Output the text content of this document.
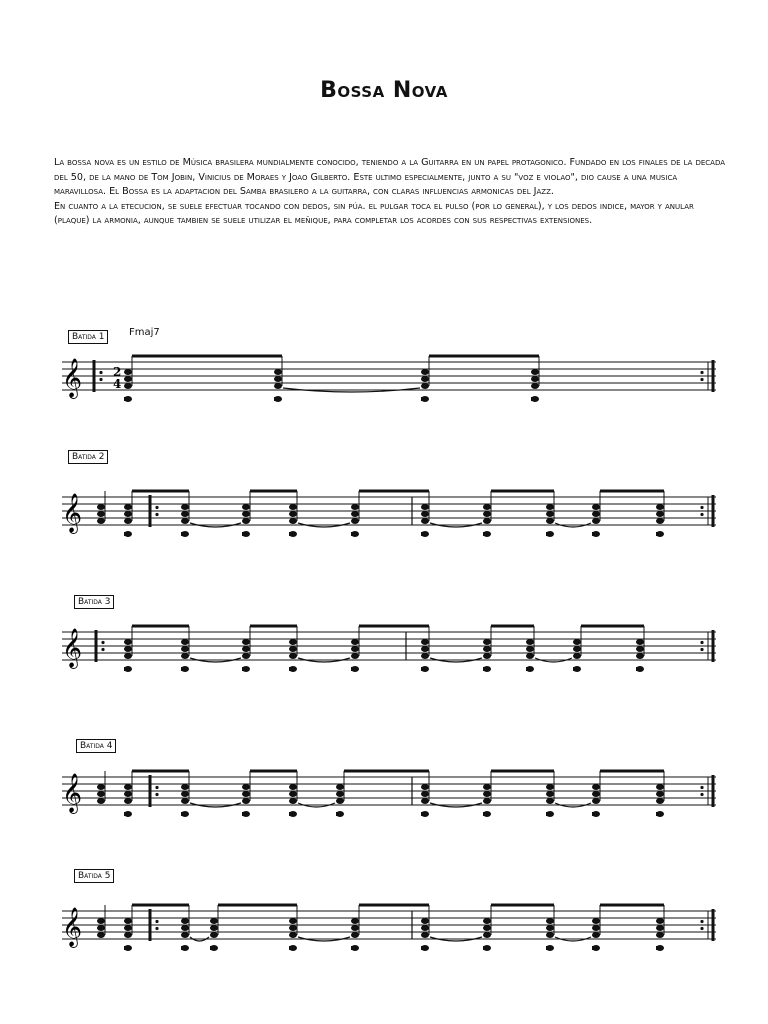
Bossa Nova

La bossa nova es un estilo de Música brasilera mundialmente conocido, teniendo a la Guitarra en un papel protagonico. Fundado en los finales de la decada del 50, de la mano de Tom Jobin, Vinicius de Moraes y Joao Gilberto. Este ultimo especialmente, junto a su "voz e violao", dio cause a una musica maravillosa. El Bossa es la adaptacion del Samba brasilero a la guitarra, con claras influencias armonicas del Jazz.

En cuanto a la etecucion, se suele efectuar tocando con dedos, sin púa. el pulgar toca el pulso (por lo general), y los dedos indice, mayor y anular (plaque) la armonia, aunque tambien se suele utilizar el meñique, para completar los acordes con sus respectivas extensiones.

Batida 1	Fmaj7
Batida 2
Batida 3
Batida 4
Batida 5
𝄞
𝄞
𝄞
𝄞
𝄞
2
4
